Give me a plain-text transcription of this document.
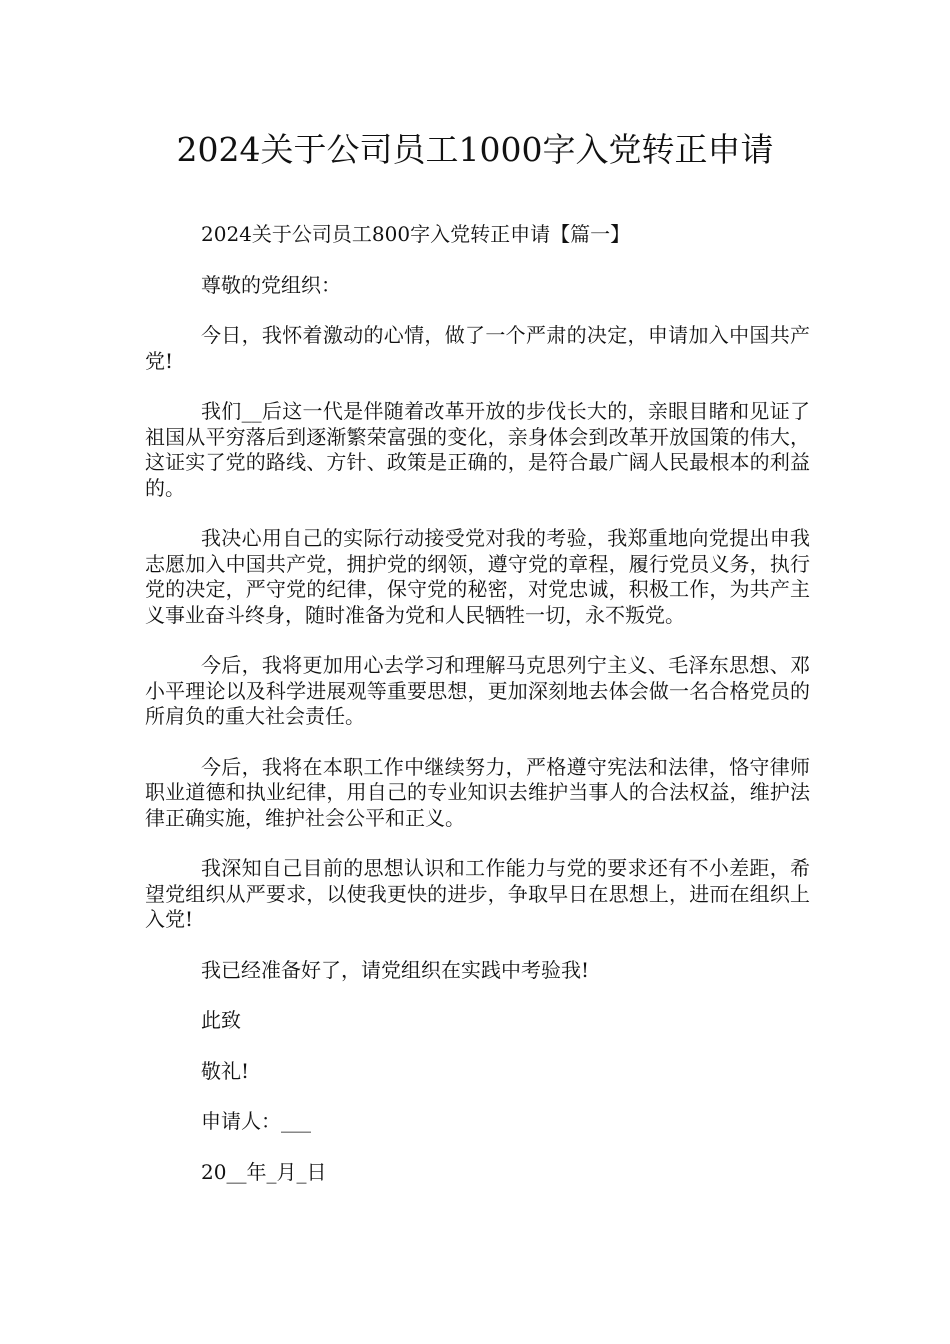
2024关于公司员工1000字入党转正申请

2024关于公司员工800字入党转正申请【篇一】

尊敬的党组织：

今日，我怀着激动的心情，做了一个严肃的决定，申请加入中国共产党!

我们__后这一代是伴随着改革开放的步伐长大的，亲眼目睹和见证了祖国从平穷落后到逐渐繁荣富强的变化，亲身体会到改革开放国策的伟大，这证实了党的路线、方针、政策是正确的，是符合最广阔人民最根本的利益的。

我决心用自己的实际行动接受党对我的考验，我郑重地向党提出申我志愿加入中国共产党，拥护党的纲领，遵守党的章程，履行党员义务，执行党的决定，严守党的纪律，保守党的秘密，对党忠诚，积极工作，为共产主义事业奋斗终身，随时准备为党和人民牺牲一切，永不叛党。

今后，我将更加用心去学习和理解马克思列宁主义、毛泽东思想、邓小平理论以及科学进展观等重要思想，更加深刻地去体会做一名合格党员的所肩负的重大社会责任。

今后，我将在本职工作中继续努力，严格遵守宪法和法律，恪守律师职业道德和执业纪律，用自己的专业知识去维护当事人的合法权益，维护法律正确实施，维护社会公平和正义。

我深知自己目前的思想认识和工作能力与党的要求还有不小差距，希望党组织从严要求，以使我更快的进步，争取早日在思想上，进而在组织上入党!

我已经准备好了，请党组织在实践中考验我!

此致

敬礼!

申请人：___

20__年_月_日
